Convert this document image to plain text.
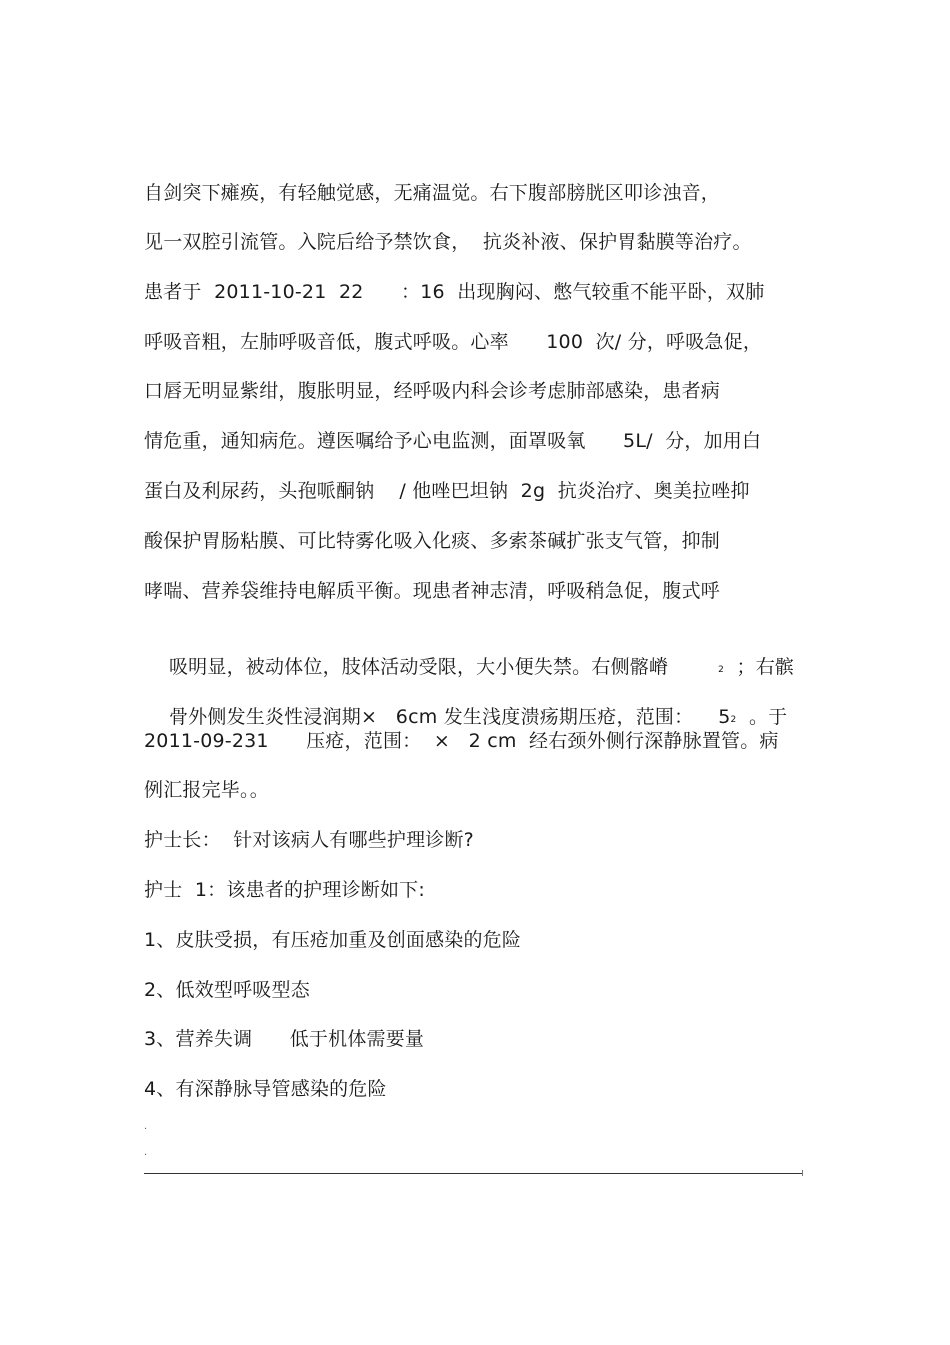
自剑突下瘫痪，有轻触觉感，无痛温觉。右下腹部膀胱区叩诊浊音，
见一双腔引流管。入院后给予禁饮食，  抗炎补液、保护胃黏膜等治疗。
患者于  2011-10-21  22      ：16  出现胸闷、憋气较重不能平卧，双肺
呼吸音粗，左肺呼吸音低，腹式呼吸。心率      100  次/ 分，呼吸急促，
口唇无明显紫绀，腹胀明显，经呼吸内科会诊考虑肺部感染，患者病
情危重，通知病危。遵医嘱给予心电监测，面罩吸氧      5L/  分，加用白
蛋白及利尿药，头孢哌酮钠    / 他唑巴坦钠  2g  抗炎治疗、奥美拉唑抑
酸保护胃肠粘膜、可比特雾化吸入化痰、多索茶碱扩张支气管，抑制
哮喘、营养袋维持电解质平衡。现患者神志清，呼吸稍急促，腹式呼

吸明显，被动体位，肢体活动受限，大小便失禁。右侧髂嵴        2  ；右髌

骨外侧发生炎性浸润期×   6cm 发生浅度溃疡期压疮，范围：    52  。于

2011-09-231      压疮，范围：  ×   2 cm  经右颈外侧行深静脉置管。病
例汇报完毕。。
护士长：  针对该病人有哪些护理诊断?
护士  1：该患者的护理诊断如下:
1、皮肤受损，有压疮加重及创面感染的危险
2、低效型呼吸型态
3、营养失调      低于机体需要量
4、有深静脉导管感染的危险
.
.
